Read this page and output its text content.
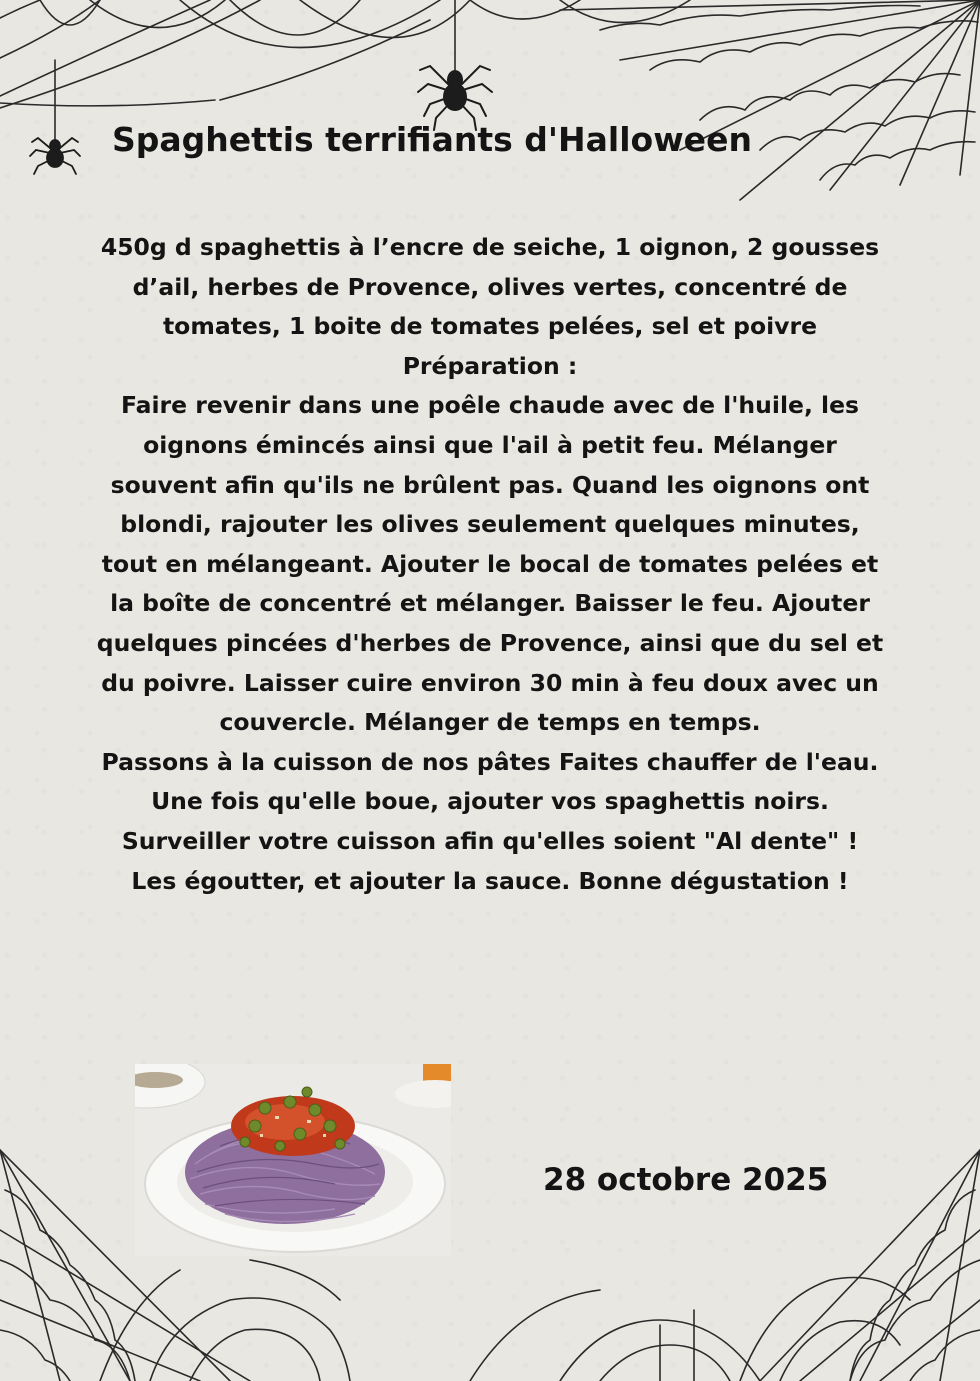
Spaghettis terrifiants d'Halloween

450g d spaghettis à l’encre de seiche, 1 oignon, 2 gousses d’ail, herbes de Provence, olives vertes, concentré de tomates, 1 boite de tomates pelées, sel et poivre

Préparation :

Faire revenir dans une poêle chaude avec de l'huile, les oignons émincés ainsi que l'ail à petit feu. Mélanger souvent afin qu'ils ne brûlent pas. Quand les oignons ont blondi, rajouter les olives seulement quelques minutes, tout en mélangeant. Ajouter le bocal de tomates pelées et la boîte de concentré et mélanger. Baisser le feu. Ajouter quelques pincées d'herbes de Provence, ainsi que du sel et du poivre. Laisser cuire environ 30 min à feu doux avec un couvercle. Mélanger de temps en temps.

Passons à la cuisson de nos pâtes Faites chauffer de l'eau. Une fois qu'elle boue, ajouter vos spaghettis noirs. Surveiller votre cuisson afin qu'elles soient "Al dente" ! Les égoutter, et ajouter la sauce. Bonne dégustation !

28 octobre 2025
